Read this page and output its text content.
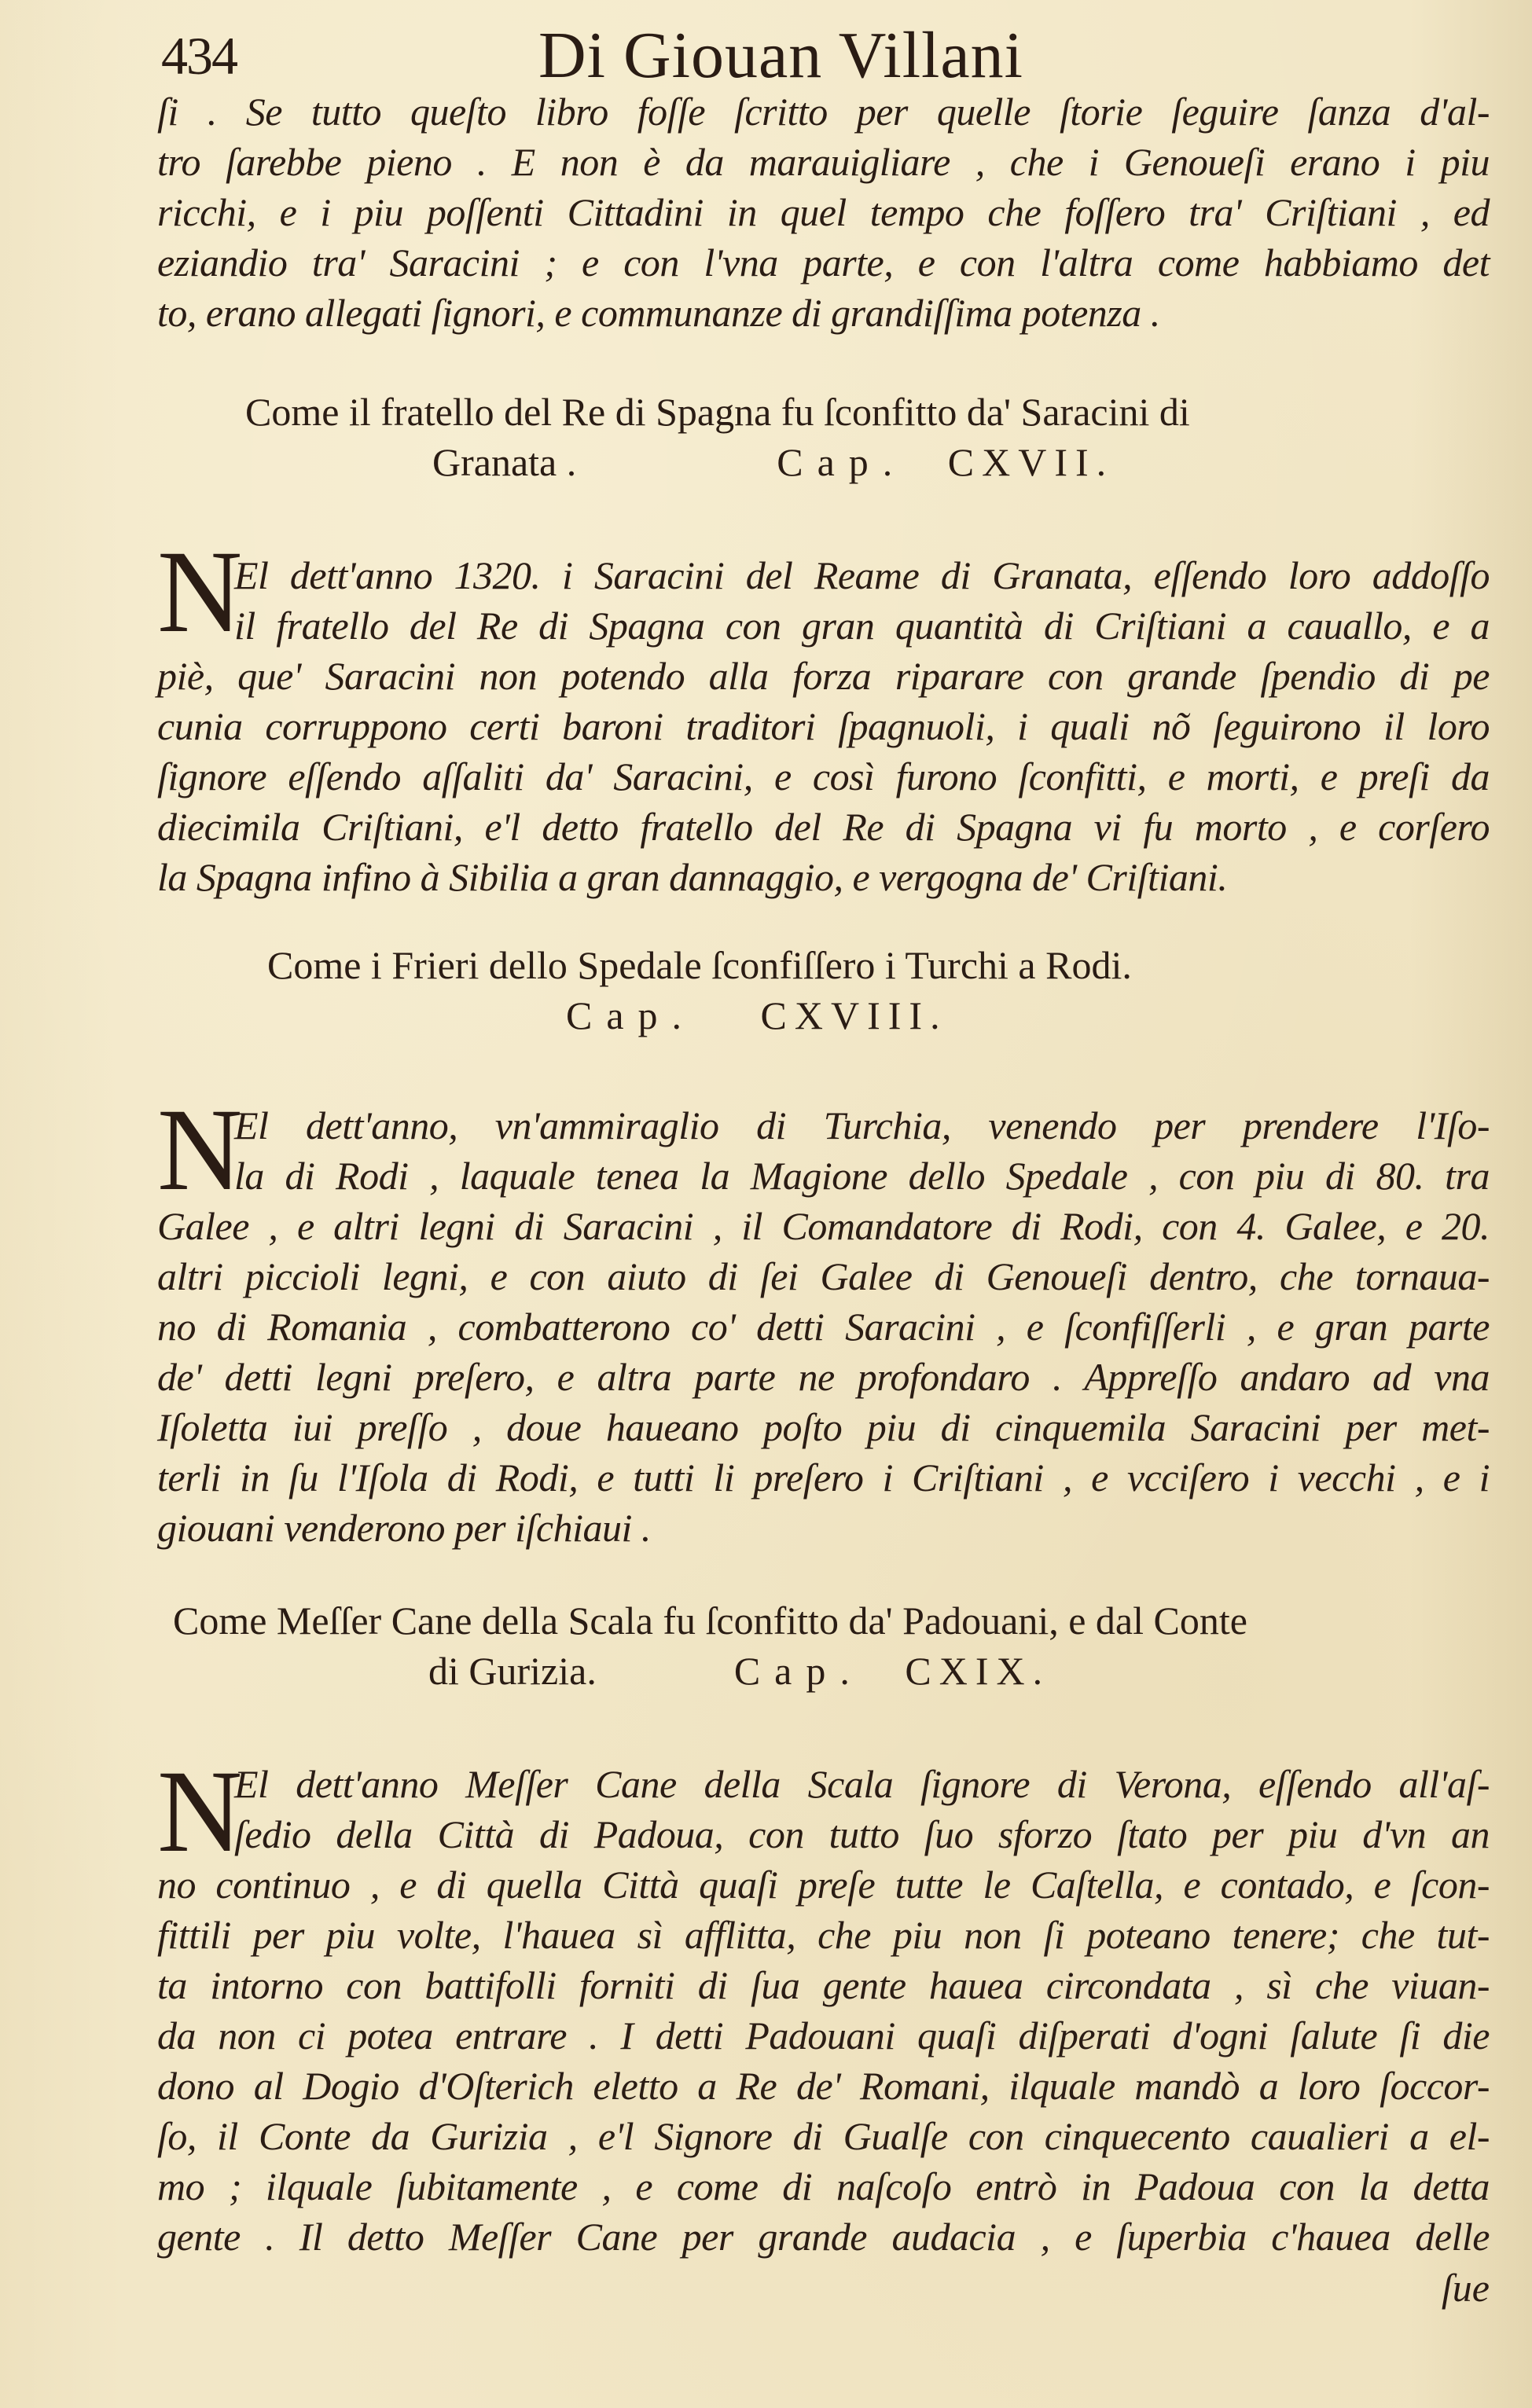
434	Di Giouan Villani
ſi . Se tutto queſto libro foſſe ſcritto per quelle ſtorie ſeguire ſanza d'al-
tro ſarebbe pieno . E non è da marauigliare , che i Genoueſi erano i piu
ricchi, e i piu poſſenti Cittadini in quel tempo che foſſero tra' Criſtiani , ed
eziandio tra' Saracini ; e con l'vna parte, e con l'altra come habbiamo det
to, erano allegati ſignori, e communanze di grandiſſima potenza .
Come il fratello del Re di Spagna fu ſconfitto da' Saracini di
Granata .	Cap. CXVII.
N
El dett'anno 1320. i Saracini del Reame di Granata, eſſendo loro addoſſo
il fratello del Re di Spagna con gran quantità di Criſtiani a cauallo, e a
piè, que' Saracini non potendo alla forza riparare con grande ſpendio di pe
cunia corruppono certi baroni traditori ſpagnuoli, i quali nõ ſeguirono il loro
ſignore eſſendo aſſaliti da' Saracini, e così furono ſconfitti, e morti, e preſi da
diecimila Criſtiani, e'l detto fratello del Re di Spagna vi fu morto , e corſero
la Spagna infino à Sibilia a gran dannaggio, e vergogna de' Criſtiani.
Come i Frieri dello Spedale ſconfiſſero i Turchi a Rodi.
Cap. CXVIII.
N
El dett'anno, vn'ammiraglio di Turchia, venendo per prendere l'Iſo-
la di Rodi , laquale tenea la Magione dello Spedale , con piu di 80. tra
Galee , e altri legni di Saracini , il Comandatore di Rodi, con 4. Galee, e 20.
altri piccioli legni, e con aiuto di ſei Galee di Genoueſi dentro, che tornaua-
no di Romania , combatterono co' detti Saracini , e ſconfiſſerli , e gran parte
de' detti legni preſero, e altra parte ne profondaro . Appreſſo andaro ad vna
Iſoletta iui preſſo , doue haueano poſto piu di cinquemila Saracini per met-
terli in ſu l'Iſola di Rodi, e tutti li preſero i Criſtiani , e vcciſero i vecchi , e i
giouani venderono per iſchiaui .
Come Meſſer Cane della Scala fu ſconfitto da' Padouani, e dal Conte
di Gurizia.	Cap. CXIX.
N
El dett'anno Meſſer Cane della Scala ſignore di Verona, eſſendo all'aſ-
ſedio della Città di Padoua, con tutto ſuo sforzo ſtato per piu d'vn an
no continuo , e di quella Città quaſi preſe tutte le Caſtella, e contado, e ſcon-
fittili per piu volte, l'hauea sì afflitta, che piu non ſi poteano tenere; che tut-
ta intorno con battifolli forniti di ſua gente hauea circondata , sì che viuan-
da non ci potea entrare . I detti Padouani quaſi diſperati d'ogni ſalute ſi die
dono al Dogio d'Oſterich eletto a Re de' Romani, ilquale mandò a loro ſoccor-
ſo, il Conte da Gurizia , e'l Signore di Gualſe con cinquecento caualieri a el-
mo ; ilquale ſubitamente , e come di naſcoſo entrò in Padoua con la detta
gente . Il detto Meſſer Cane per grande audacia , e ſuperbia c'hauea delle
ſue
